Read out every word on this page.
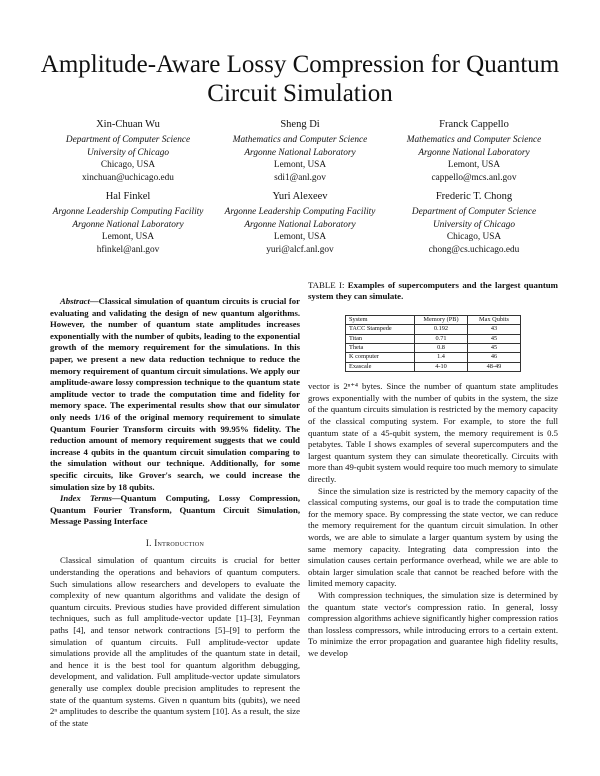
Amplitude-Aware Lossy Compression for Quantum Circuit Simulation
Xin-Chuan Wu
Department of Computer Science
University of Chicago
Chicago, USA
xinchuan@uchicago.edu
Sheng Di
Mathematics and Computer Science
Argonne National Laboratory
Lemont, USA
sdi1@anl.gov
Franck Cappello
Mathematics and Computer Science
Argonne National Laboratory
Lemont, USA
cappello@mcs.anl.gov
Hal Finkel
Argonne Leadership Computing Facility
Argonne National Laboratory
Lemont, USA
hfinkel@anl.gov
Yuri Alexeev
Argonne Leadership Computing Facility
Argonne National Laboratory
Lemont, USA
yuri@alcf.anl.gov
Frederic T. Chong
Department of Computer Science
University of Chicago
Chicago, USA
chong@cs.uchicago.edu

Abstract—Classical simulation of quantum circuits is crucial for evaluating and validating the design of new quantum algorithms. However, the number of quantum state amplitudes increases exponentially with the number of qubits, leading to the exponential growth of the memory requirement for the simulations. In this paper, we present a new data reduction technique to reduce the memory requirement of quantum circuit simulations. We apply our amplitude-aware lossy compression technique to the quantum state amplitude vector to trade the computation time and fidelity for memory space. The experimental results show that our simulator only needs 1/16 of the original memory requirement to simulate Quantum Fourier Transform circuits with 99.95% fidelity. The reduction amount of memory requirement suggests that we could increase 4 qubits in the quantum circuit simulation comparing to the simulation without our technique. Additionally, for some specific circuits, like Grover's search, we could increase the simulation size by 18 qubits.

Index Terms—Quantum Computing, Lossy Compression, Quantum Fourier Transform, Quantum Circuit Simulation, Message Passing Interface

I. Introduction

Classical simulation of quantum circuits is crucial for better understanding the operations and behaviors of quantum computers. Such simulations allow researchers and developers to evaluate the complexity of new quantum algorithms and validate the design of quantum circuits. Previous studies have provided different simulation techniques, such as full amplitude-vector update [1]–[3], Feynman paths [4], and tensor network contractions [5]–[9] to perform the simulation of quantum circuits. Full amplitude-vector update simulations provide all the amplitudes of the quantum state in detail, and hence it is the best tool for quantum algorithm debugging, development, and validation. Full amplitude-vector update simulators generally use complex double precision amplitudes to represent the state of the quantum systems. Given n quantum bits (qubits), we need 2ⁿ amplitudes to describe the quantum system [10]. As a result, the size of the state

TABLE I: Examples of supercomputers and the largest quantum system they can simulate.
System	Memory (PB)	Max Qubits
TACC Stampede	0.192	43
Titan	0.71	45
Theta	0.8	45
K computer	1.4	46
Exascale	4-10	48-49

vector is 2ⁿ⁺⁴ bytes. Since the number of quantum state amplitudes grows exponentially with the number of qubits in the system, the size of the quantum circuits simulation is restricted by the memory capacity of the classical computing system. For example, to store the full quantum state of a 45-qubit system, the memory requirement is 0.5 petabytes. Table I shows examples of several supercomputers and the largest quantum system they can simulate theoretically. Circuits with more than 49-qubit system would require too much memory to simulate directly.

Since the simulation size is restricted by the memory capacity of the classical computing systems, our goal is to trade the computation time for the memory space. By compressing the state vector, we can reduce the memory requirement for the quantum circuit simulation. In other words, we are able to simulate a larger quantum system by using the same memory capacity. Integrating data compression into the simulation causes certain performance overhead, while we are able to obtain larger simulation scale that cannot be reached before with the limited memory capacity.

With compression techniques, the simulation size is determined by the quantum state vector's compression ratio. In general, lossy compression algorithms achieve significantly higher compression ratios than lossless compressors, while introducing errors to a certain extent. To minimize the error propagation and guarantee high fidelity results, we develop
